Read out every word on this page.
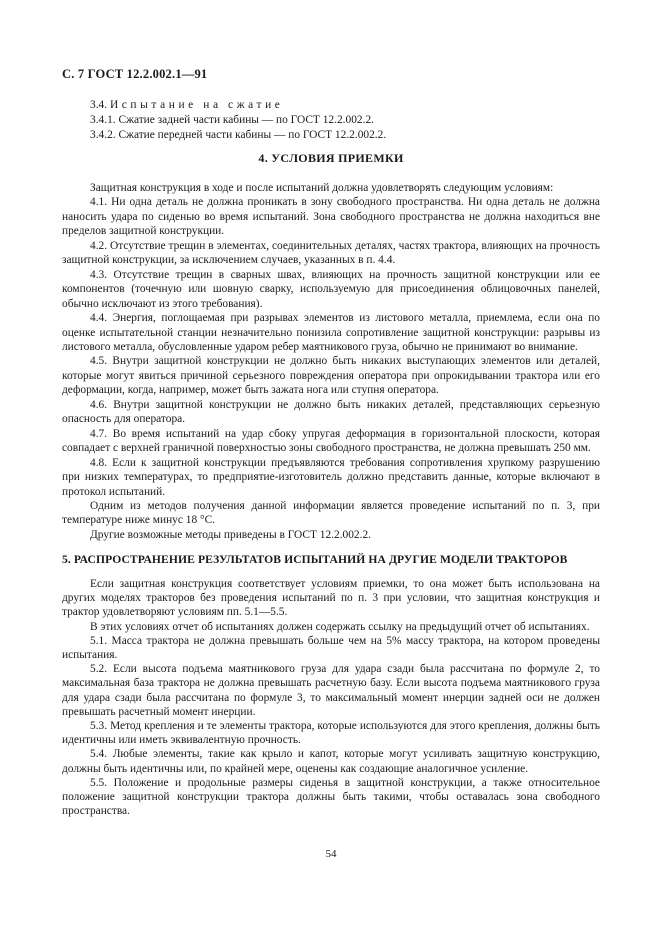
С. 7 ГОСТ 12.2.002.1—91

3.4. Испытание на сжатие

3.4.1. Сжатие задней части кабины — по ГОСТ 12.2.002.2.

3.4.2. Сжатие передней части кабины — по ГОСТ 12.2.002.2.

4. УСЛОВИЯ ПРИЕМКИ

Защитная конструкция в ходе и после испытаний должна удовлетворять следующим условиям:

4.1. Ни одна деталь не должна проникать в зону свободного пространства. Ни одна деталь не должна наносить удара по сиденью во время испытаний. Зона свободного пространства не должна находиться вне пределов защитной конструкции.

4.2. Отсутствие трещин в элементах, соединительных деталях, частях трактора, влияющих на прочность защитной конструкции, за исключением случаев, указанных в п. 4.4.

4.3. Отсутствие трещин в сварных швах, влияющих на прочность защитной конструкции или ее компонентов (точечную или шовную сварку, используемую для присоединения облицовочных панелей, обычно исключают из этого требования).

4.4. Энергия, поглощаемая при разрывах элементов из листового металла, приемлема, если она по оценке испытательной станции незначительно понизила сопротивление защитной конструкции: разрывы из листового металла, обусловленные ударом ребер маятникового груза, обычно не принимают во внимание.

4.5. Внутри защитной конструкции не должно быть никаких выступающих элементов или деталей, которые могут явиться причиной серьезного повреждения оператора при опрокидывании трактора или его деформации, когда, например, может быть зажата нога или ступня оператора.

4.6. Внутри защитной конструкции не должно быть никаких деталей, представляющих серьезную опасность для оператора.

4.7. Во время испытаний на удар сбоку упругая деформация в горизонтальной плоскости, которая совпадает с верхней граничной поверхностью зоны свободного пространства, не должна превышать 250 мм.

4.8. Если к защитной конструкции предъявляются требования сопротивления хрупкому разрушению при низких температурах, то предприятие-изготовитель должно представить данные, которые включают в протокол испытаний.

Одним из методов получения данной информации является проведение испытаний по п. 3, при температуре ниже минус 18 °С.

Другие возможные методы приведены в ГОСТ 12.2.002.2.

5. РАСПРОСТРАНЕНИЕ РЕЗУЛЬТАТОВ ИСПЫТАНИЙ НА ДРУГИЕ МОДЕЛИ ТРАКТОРОВ

Если защитная конструкция соответствует условиям приемки, то она может быть использована на других моделях тракторов без проведения испытаний по п. 3 при условии, что защитная конструкция и трактор удовлетворяют условиям пп. 5.1—5.5.

В этих условиях отчет об испытаниях должен содержать ссылку на предыдущий отчет об испытаниях.

5.1. Масса трактора не должна превышать больше чем на 5% массу трактора, на котором проведены испытания.

5.2. Если высота подъема маятникового груза для удара сзади была рассчитана по формуле 2, то максимальная база трактора не должна превышать расчетную базу. Если высота подъема маятникового груза для удара сзади была рассчитана по формуле 3, то максимальный момент инерции задней оси не должен превышать расчетный момент инерции.

5.3. Метод крепления и те элементы трактора, которые используются для этого крепления, должны быть идентичны или иметь эквивалентную прочность.

5.4. Любые элементы, такие как крыло и капот, которые могут усиливать защитную конструкцию, должны быть идентичны или, по крайней мере, оценены как создающие аналогичное усиление.

5.5. Положение и продольные размеры сиденья в защитной конструкции, а также относительное положение защитной конструкции трактора должны быть такими, чтобы оставалась зона свободного пространства.

54
